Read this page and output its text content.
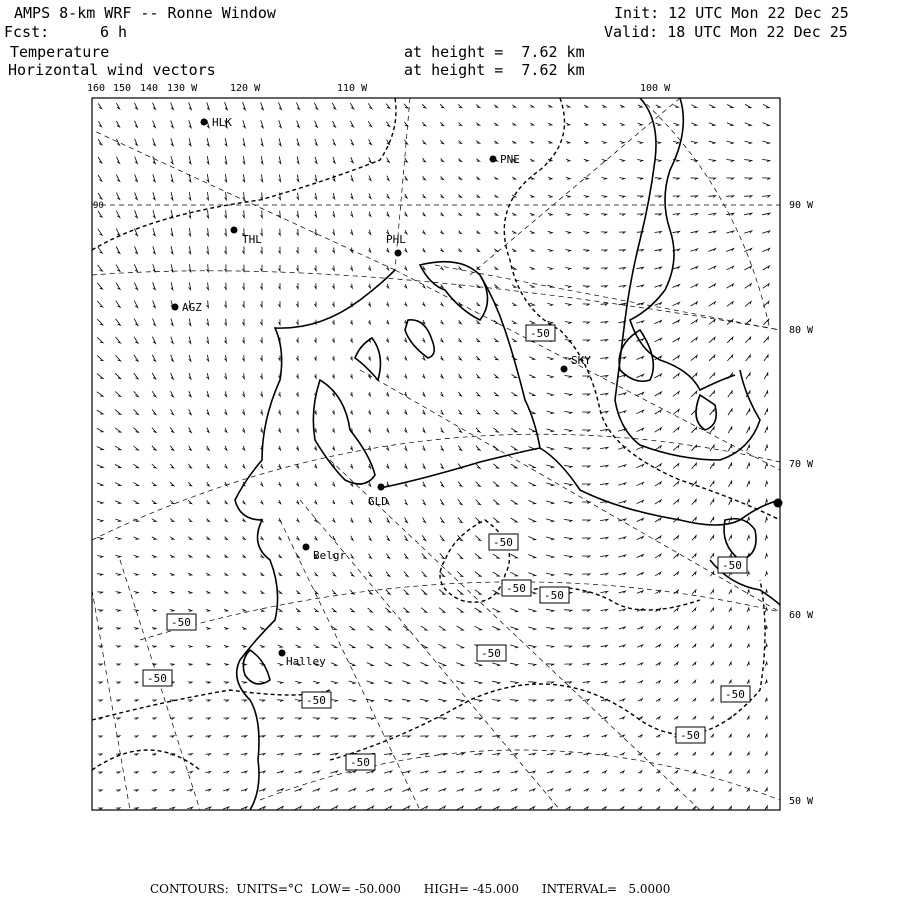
AMPS 8-km WRF -- Ronne Window
Fcst:	6 h
Init: 12 UTC Mon 22 Dec 25
Valid: 18 UTC Mon 22 Dec 25
Temperature	at height =  7.62 km
Horizontal wind vectors	at height =  7.62 km
HLK
PNE
THL	PHL
AGZ
SKY
GLD
Belgr
Halley
-50
-50
-50
-50
-50
-50
-50
-50
-50
-50
-50
-50
160 150 140 130 W	120 W	110 W	100 W
90 W
80 W
70 W
60 W
50 W
90
CONTOURS:  UNITS=°C  LOW= -50.000      HIGH= -45.000      INTERVAL=   5.0000
